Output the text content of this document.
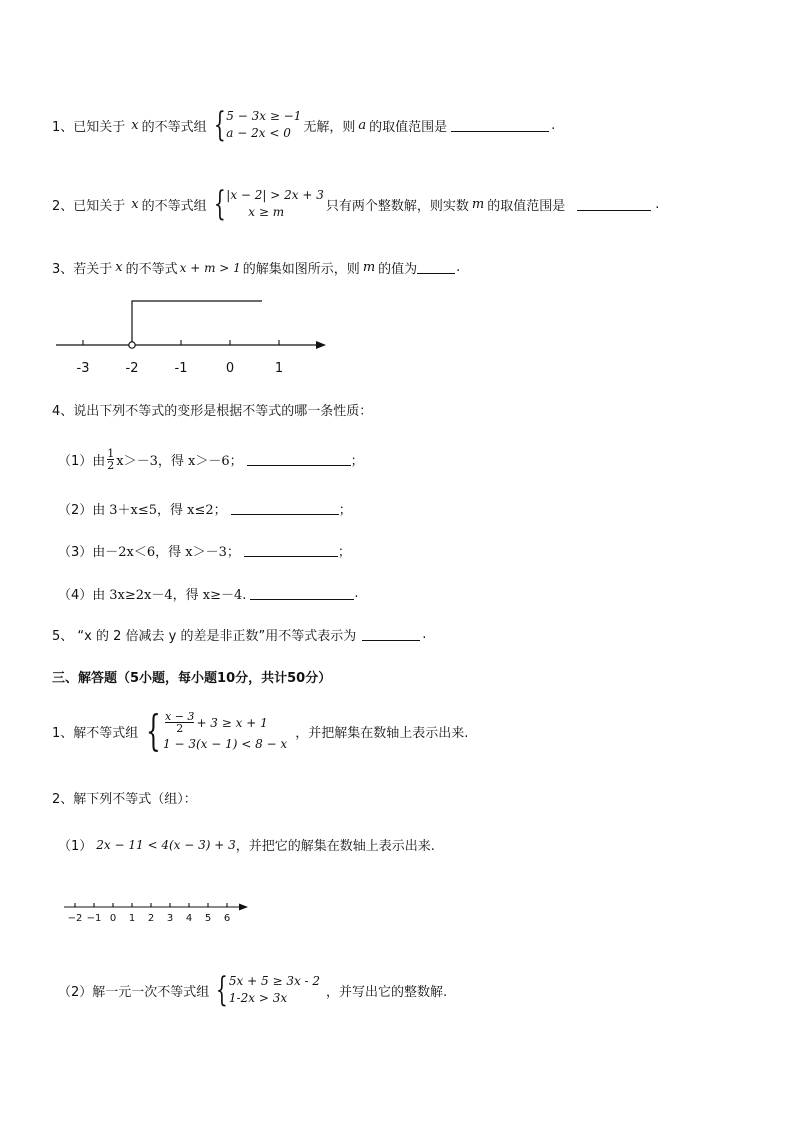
1、已知关于 x 的不等式组 { 5 − 3x ≥ −1
a − 2x < 0 无解，则 a 的取值范围是	.
2、已知关于 x 的不等式组 { |x − 2| > 2x + 3
x ≥ m	只有两个整数解，则实数 m 的取值范围是	.
3、若关于 x 的不等式 x + m > 1 的解集如图所示，则 m 的值为	.
-3	-2	-1	0	1
4、说出下列不等式的变形是根据不等式的哪一条性质：
（1）由 $\frac{1}{2} x>-3$，得 x＞－6；	；
（2）由 3＋x≤5，得 x≤2；	；
（3）由 －2x＜6，得 x＞－3；	；
（4）由 3x≥2x－4，得 x≥－4.	.
5、 “x 的 2 倍减去 y 的差是非正数”用不等式表示为	.
三、解答题（5小题，每小题10分，共计50分）
1、解不等式组 { $\frac{x - 3}{2} + 3 \ge x + 1$
1 − 3(x − 1) < 8 − x
，并把解集在数轴上表示出来.
2、解下列不等式（组）：
（1） 2x − 11 < 4(x − 3) + 3 ，并把它的解集在数轴上表示出来.
−2 −1 0 1 2 3 4 5 6
（2）解一元一次不等式组 { 5x + 5 ≥ 3x - 2
1-2x > 3x	，并写出它的整数解.
